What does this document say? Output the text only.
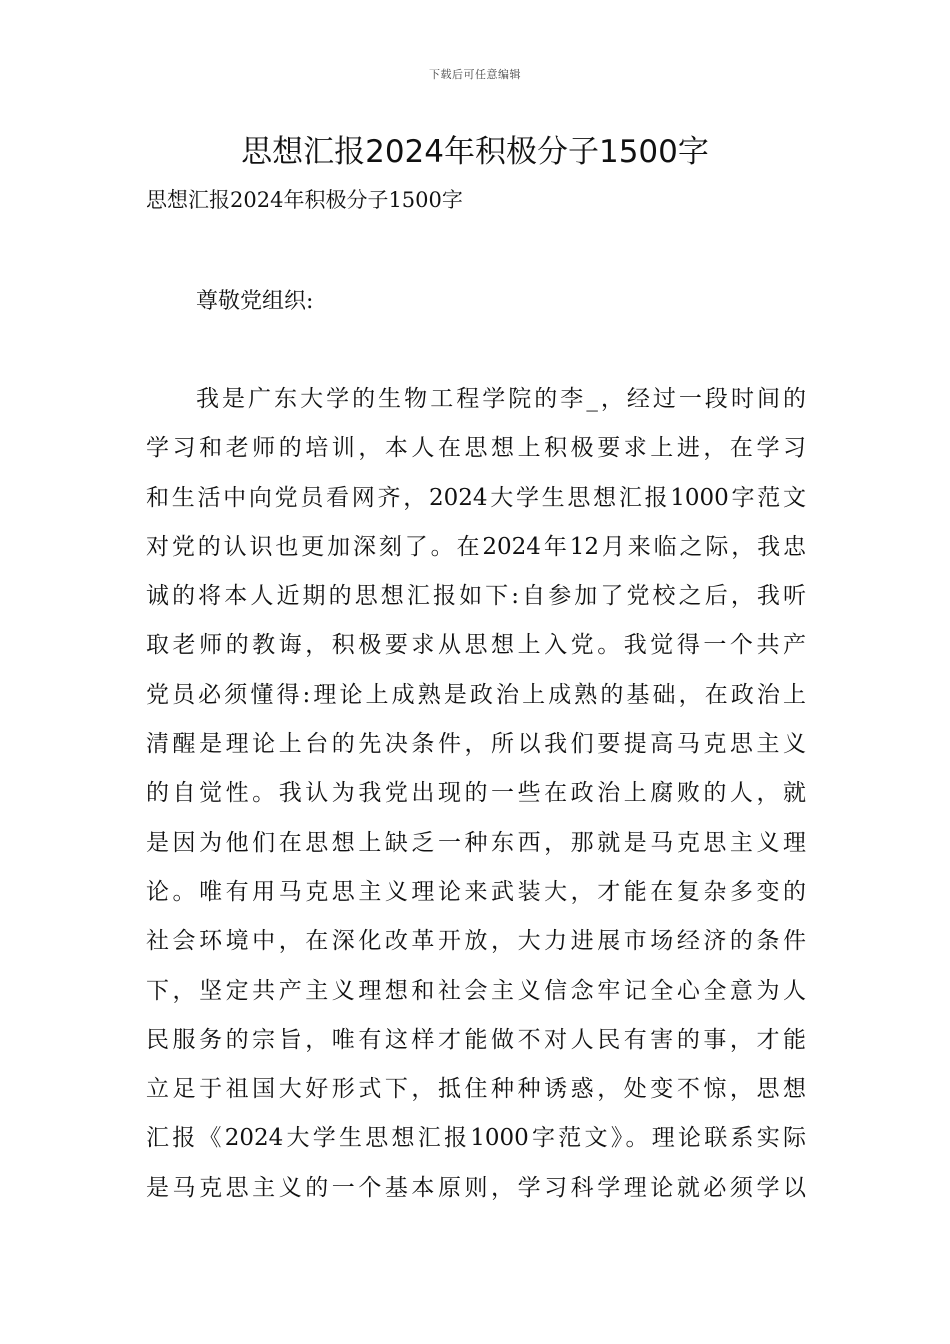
下载后可任意编辑
思想汇报2024年积极分子1500字

思想汇报2024年积极分子1500字

尊敬党组织:

我是广东大学的生物工程学院的李_，经过一段时间的
学习和老师的培训，本人在思想上积极要求上进，在学习
和生活中向党员看网齐，2024大学生思想汇报1000字范文
对党的认识也更加深刻了。在2024年12月来临之际，我忠
诚的将本人近期的思想汇报如下:自参加了党校之后，我听
取老师的教诲，积极要求从思想上入党。我觉得一个共产
党员必须懂得:理论上成熟是政治上成熟的基础，在政治上
清醒是理论上台的先决条件，所以我们要提高马克思主义
的自觉性。我认为我党出现的一些在政治上腐败的人，就
是因为他们在思想上缺乏一种东西，那就是马克思主义理
论。唯有用马克思主义理论来武装大，才能在复杂多变的
社会环境中，在深化改革开放，大力进展市场经济的条件
下，坚定共产主义理想和社会主义信念牢记全心全意为人
民服务的宗旨，唯有这样才能做不对人民有害的事，才能
立足于祖国大好形式下，抵住种种诱惑，处变不惊，思想
汇报《2024大学生思想汇报1000字范文》。理论联系实际
是马克思主义的一个基本原则，学习科学理论就必须学以
